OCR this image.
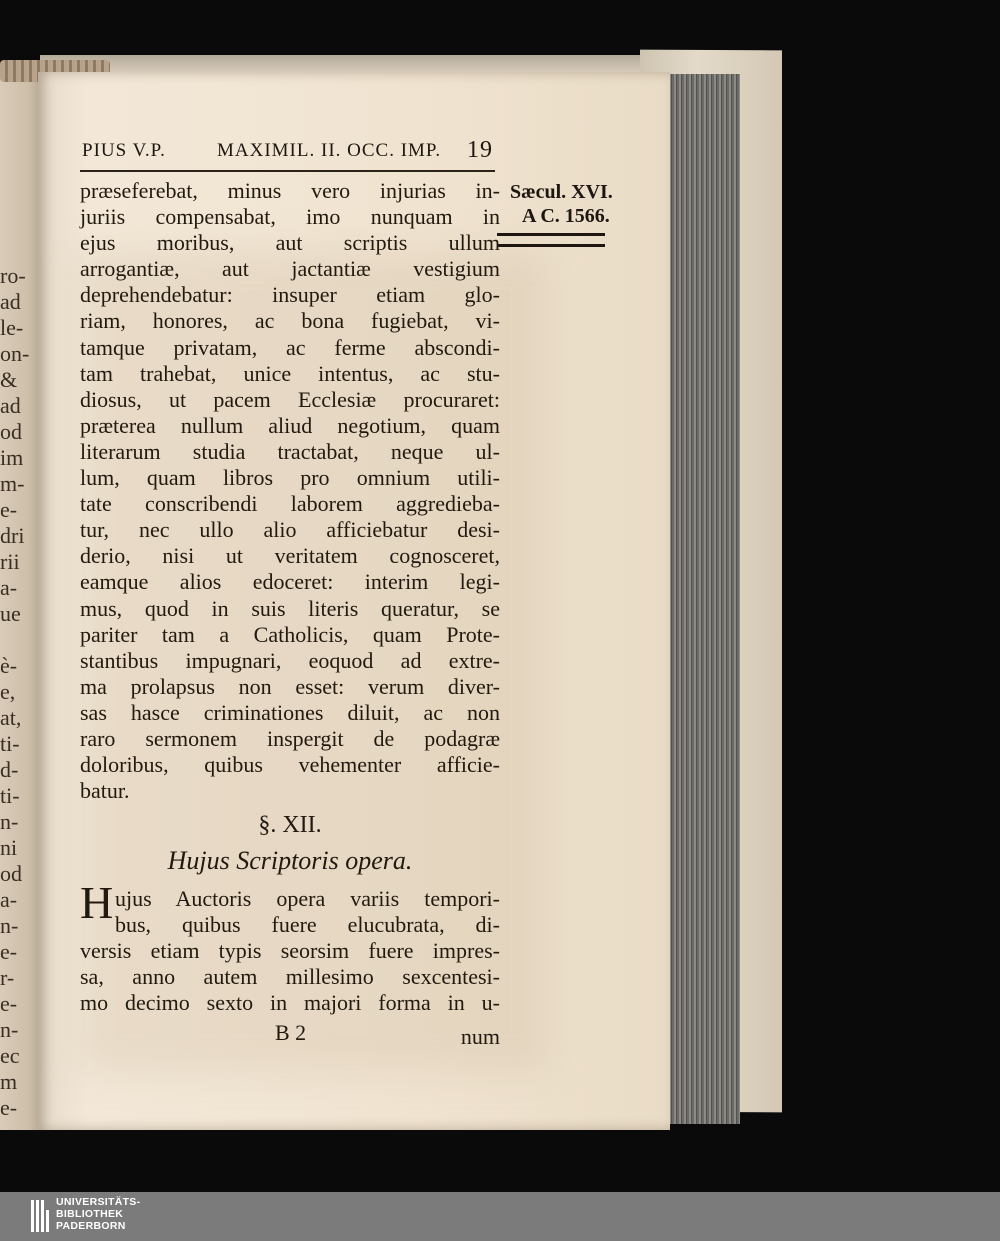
ro-
ad
le-
on-
&
ad
od
im
m-
e-
dri
rii
a-
ue
è-
e,
at,
ti-
d-
ti-
n-
ni
od
a-
n-
e-
r-
e-
n-
ec
m
e-
PIUS V.P.	MAXIMIL. II. OCC. IMP. 19
Sæcul. XVI.
A C. 1566.
præseferebat, minus vero injurias in-
juriis compensabat, imo nunquam in
ejus moribus, aut scriptis ullum
arrogantiæ, aut jactantiæ vestigium
deprehendebatur: insuper etiam glo-
riam, honores, ac bona fugiebat, vi-
tamque privatam, ac ferme abscondi-
tam trahebat, unice intentus, ac stu-
diosus, ut pacem Ecclesiæ procuraret:
præterea nullum aliud negotium, quam
literarum studia tractabat, neque ul-
lum, quam libros pro omnium utili-
tate conscribendi laborem aggredieba-
tur, nec ullo alio afficiebatur desi-
derio, nisi ut veritatem cognosceret,
eamque alios edoceret: interim legi-
mus, quod in suis literis queratur, se
pariter tam a Catholicis, quam Prote-
stantibus impugnari, eoquod ad extre-
ma prolapsus non esset: verum diver-
sas hasce criminationes diluit, ac non
raro sermonem inspergit de podagræ
doloribus, quibus vehementer afficie-
batur.
§. XII.
Hujus Scriptoris opera.
H ujus Auctoris opera variis tempori-
bus, quibus fuere elucubrata, di-
versis etiam typis seorsim fuere impres-
sa, anno autem millesimo sexcentesi-
mo decimo sexto in majori forma in u-
B 2	num
UNIVERSITÄTS-
BIBLIOTHEK
PADERBORN
